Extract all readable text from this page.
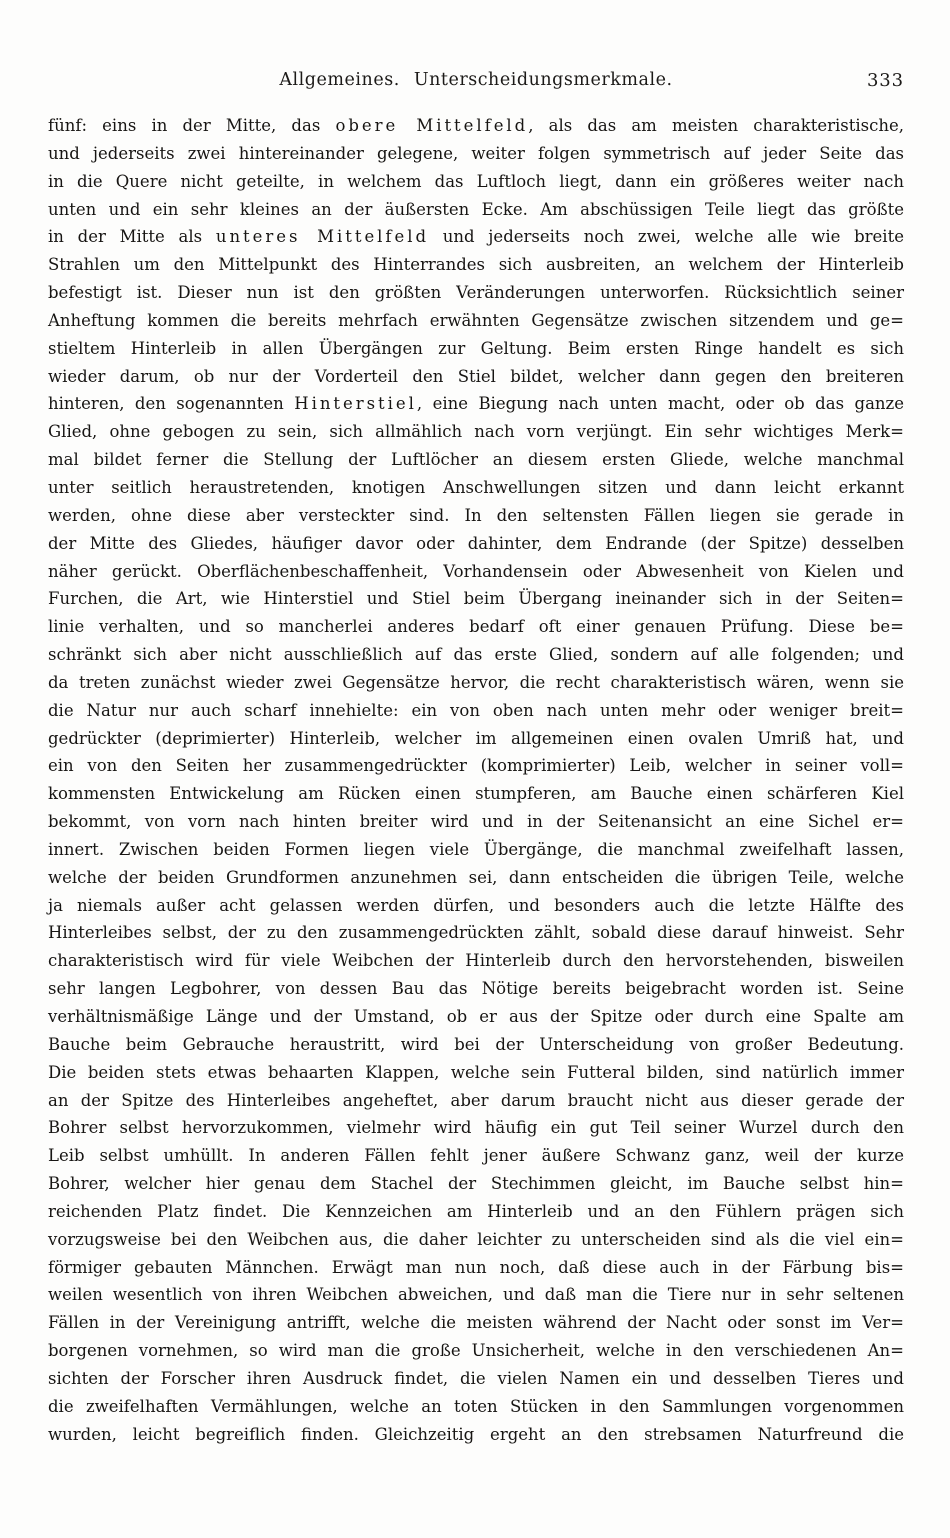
Allgemeines. Unterscheidungsmerkmale.	333
fünf: eins in der Mitte, das obere Mittelfeld, als das am meisten charakteristische,
und jederseits zwei hintereinander gelegene, weiter folgen symmetrisch auf jeder Seite das
in die Quere nicht geteilte, in welchem das Luftloch liegt, dann ein größeres weiter nach
unten und ein sehr kleines an der äußersten Ecke. Am abschüssigen Teile liegt das größte
in der Mitte als unteres Mittelfeld und jederseits noch zwei, welche alle wie breite
Strahlen um den Mittelpunkt des Hinterrandes sich ausbreiten, an welchem der Hinterleib
befestigt ist. Dieser nun ist den größten Veränderungen unterworfen. Rücksichtlich seiner
Anheftung kommen die bereits mehrfach erwähnten Gegensätze zwischen sitzendem und ge=
stieltem Hinterleib in allen Übergängen zur Geltung. Beim ersten Ringe handelt es sich
wieder darum, ob nur der Vorderteil den Stiel bildet, welcher dann gegen den breiteren
hinteren, den sogenannten Hinterstiel, eine Biegung nach unten macht, oder ob das ganze
Glied, ohne gebogen zu sein, sich allmählich nach vorn verjüngt. Ein sehr wichtiges Merk=
mal bildet ferner die Stellung der Luftlöcher an diesem ersten Gliede, welche manchmal
unter seitlich heraustretenden, knotigen Anschwellungen sitzen und dann leicht erkannt
werden, ohne diese aber versteckter sind. In den seltensten Fällen liegen sie gerade in
der Mitte des Gliedes, häufiger davor oder dahinter, dem Endrande (der Spitze) desselben
näher gerückt. Oberflächenbeschaffenheit, Vorhandensein oder Abwesenheit von Kielen und
Furchen, die Art, wie Hinterstiel und Stiel beim Übergang ineinander sich in der Seiten=
linie verhalten, und so mancherlei anderes bedarf oft einer genauen Prüfung. Diese be=
schränkt sich aber nicht ausschließlich auf das erste Glied, sondern auf alle folgenden; und
da treten zunächst wieder zwei Gegensätze hervor, die recht charakteristisch wären, wenn sie
die Natur nur auch scharf innehielte: ein von oben nach unten mehr oder weniger breit=
gedrückter (deprimierter) Hinterleib, welcher im allgemeinen einen ovalen Umriß hat, und
ein von den Seiten her zusammengedrückter (komprimierter) Leib, welcher in seiner voll=
kommensten Entwickelung am Rücken einen stumpferen, am Bauche einen schärferen Kiel
bekommt, von vorn nach hinten breiter wird und in der Seitenansicht an eine Sichel er=
innert. Zwischen beiden Formen liegen viele Übergänge, die manchmal zweifelhaft lassen,
welche der beiden Grundformen anzunehmen sei, dann entscheiden die übrigen Teile, welche
ja niemals außer acht gelassen werden dürfen, und besonders auch die letzte Hälfte des
Hinterleibes selbst, der zu den zusammengedrückten zählt, sobald diese darauf hinweist. Sehr
charakteristisch wird für viele Weibchen der Hinterleib durch den hervorstehenden, bisweilen
sehr langen Legbohrer, von dessen Bau das Nötige bereits beigebracht worden ist. Seine
verhältnismäßige Länge und der Umstand, ob er aus der Spitze oder durch eine Spalte am
Bauche beim Gebrauche heraustritt, wird bei der Unterscheidung von großer Bedeutung.
Die beiden stets etwas behaarten Klappen, welche sein Futteral bilden, sind natürlich immer
an der Spitze des Hinterleibes angeheftet, aber darum braucht nicht aus dieser gerade der
Bohrer selbst hervorzukommen, vielmehr wird häufig ein gut Teil seiner Wurzel durch den
Leib selbst umhüllt. In anderen Fällen fehlt jener äußere Schwanz ganz, weil der kurze
Bohrer, welcher hier genau dem Stachel der Stechimmen gleicht, im Bauche selbst hin=
reichenden Platz findet. Die Kennzeichen am Hinterleib und an den Fühlern prägen sich
vorzugsweise bei den Weibchen aus, die daher leichter zu unterscheiden sind als die viel ein=
förmiger gebauten Männchen. Erwägt man nun noch, daß diese auch in der Färbung bis=
weilen wesentlich von ihren Weibchen abweichen, und daß man die Tiere nur in sehr seltenen
Fällen in der Vereinigung antrifft, welche die meisten während der Nacht oder sonst im Ver=
borgenen vornehmen, so wird man die große Unsicherheit, welche in den verschiedenen An=
sichten der Forscher ihren Ausdruck findet, die vielen Namen ein und desselben Tieres und
die zweifelhaften Vermählungen, welche an toten Stücken in den Sammlungen vorgenommen
wurden, leicht begreiflich finden. Gleichzeitig ergeht an den strebsamen Naturfreund die
